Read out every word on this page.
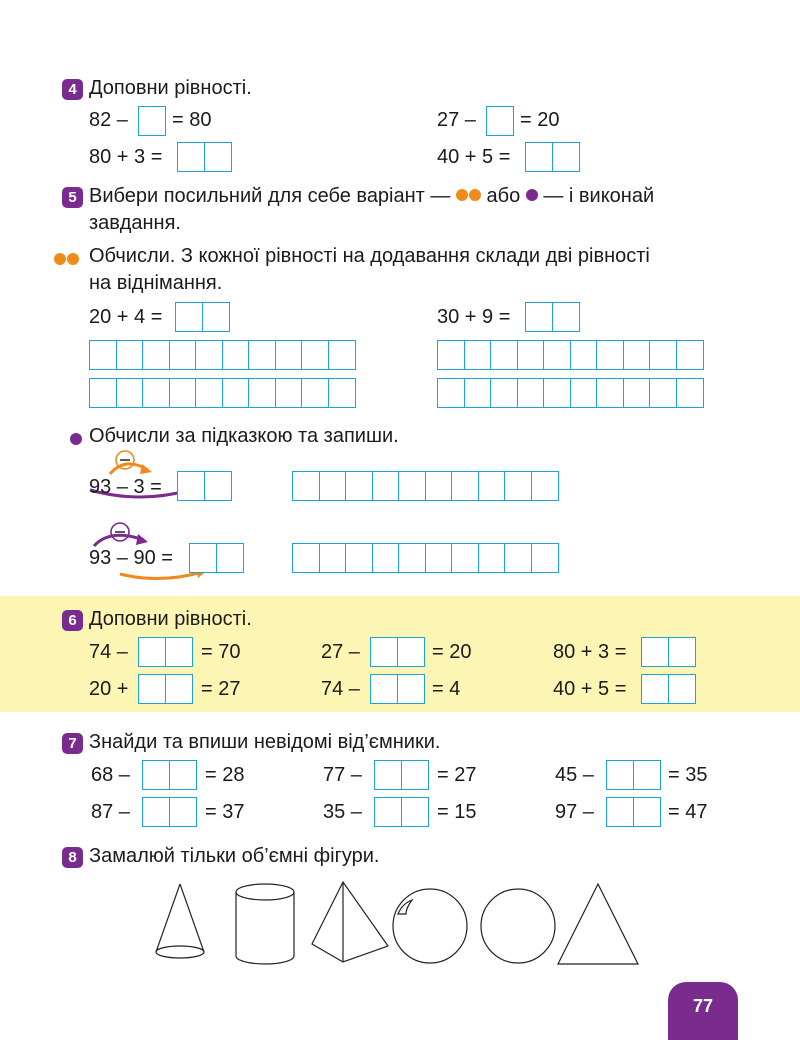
4 Доповни рівності.
82 – = 80	27 – = 20
80 + 3 =	40 + 5 =
5 Вибери посильний для себе варіант — або — і виконай
завдання.
Обчисли. З кожної рівності на додавання склади дві рівності
на віднімання.
20 + 4 =	30 + 9 =
Обчисли за підказкою та запиши.
93 – 3 =
93 – 90 =
6 Доповни рівності.
74 –	= 70	27 –	= 20	80 + 3 =
20 +	= 27	74 –	= 4	40 + 5 =
7 Знайди та впиши невідомі від’ємники.
68 –	= 28	77 –	= 27	45 –	= 35
87 –	= 37	35 –	= 15	97 –	= 47
8 Замалюй тільки об’ємні фігури.
77
